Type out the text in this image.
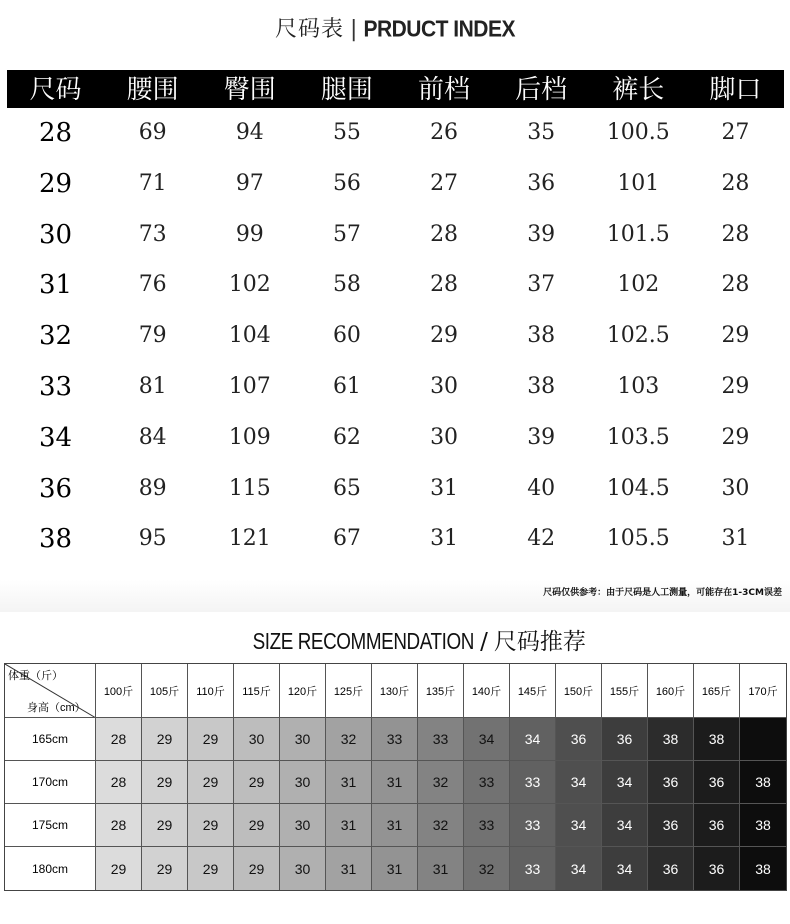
尺码表 | PRDUCT INDEX
尺码	腰围	臀围	腿围	前档	后档	裤长	脚口
28	69	94	55	26	35	100.5	27
29	71	97	56	27	36	101	28
30	73	99	57	28	39	101.5	28
31	76	102	58	28	37	102	28
32	79	104	60	29	38	102.5	29
33	81	107	61	30	38	103	29
34	84	109	62	30	39	103.5	29
36	89	115	65	31	40	104.5	30
38	95	121	67	31	42	105.5	31
尺码仅供参考：由于尺码是人工测量，可能存在1-3CM误差
SIZE RECOMMENDATION / 尺码推荐
体重（斤）
身高（cm）
100斤	105斤	110斤	115斤	120斤	125斤	130斤	135斤	140斤	145斤	150斤	155斤	160斤	165斤	170斤
165cm	28	29	29	30	30	32	33	33	34	34	36	36	38	38
170cm	28	29	29	29	30	31	31	32	33	33	34	34	36	36	38
175cm	28	29	29	29	30	31	31	32	33	33	34	34	36	36	38
180cm	29	29	29	29	30	31	31	31	32	33	34	34	36	36	38
